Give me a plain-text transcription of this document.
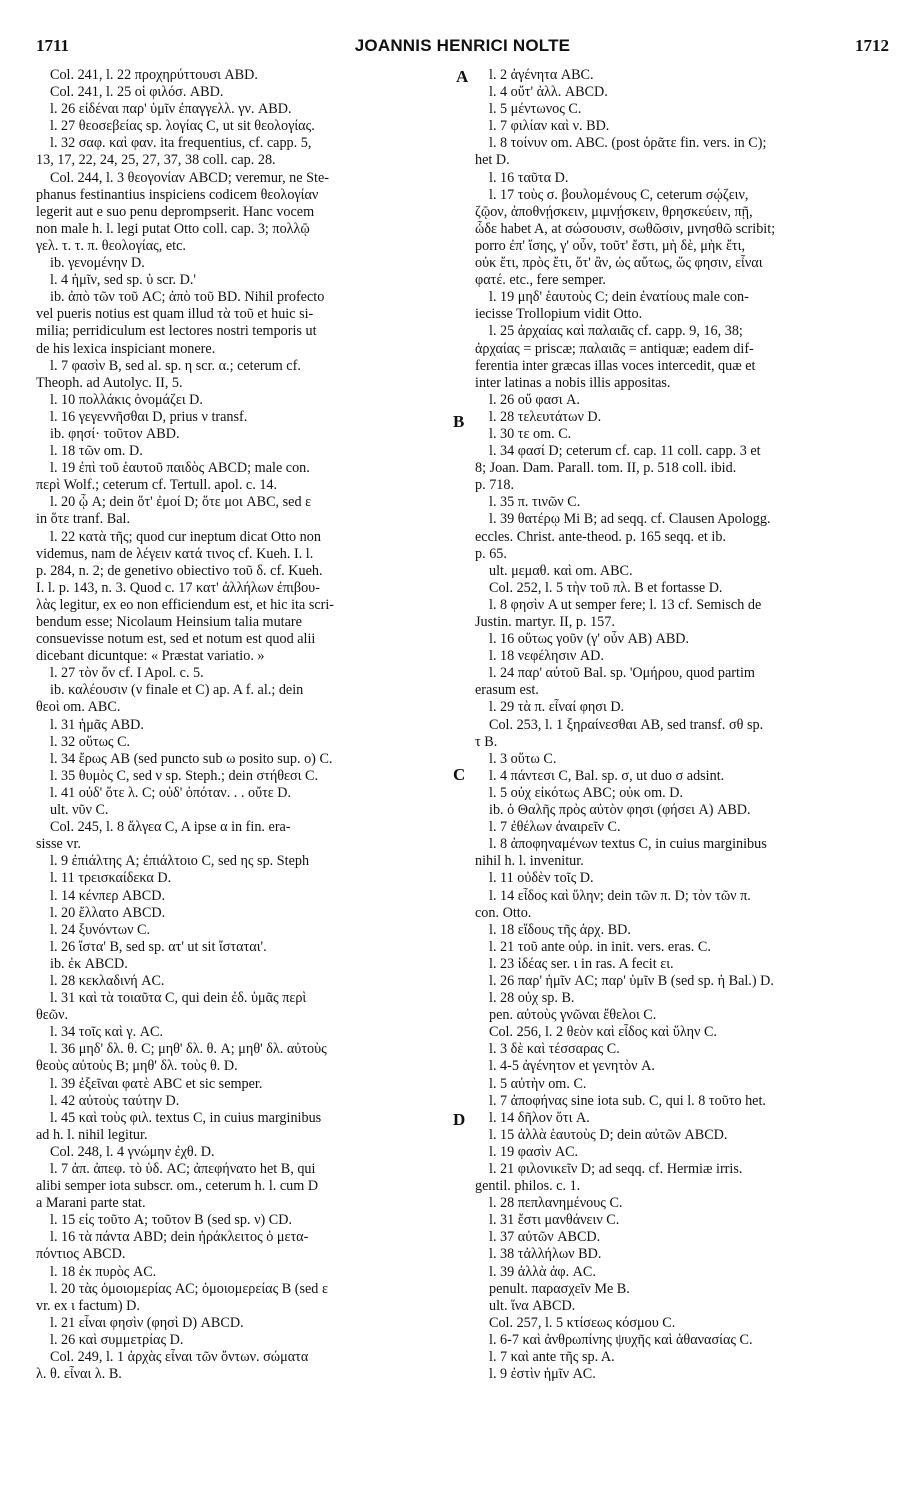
1711	JOANNIS HENRICI NOLTE	1712
Col. 241, l. 22 προχηρύττουσι ABD.
Col. 241, l. 25 οἱ φιλόσ. ABD.
l. 26 εἰδέναι παρ' ὑμῖν ἐπαγγελλ. γν. ABD.
l. 27 θεοσεβείας sp. λογίας C, ut sit θεολογίας.
l. 32 σαφ. καὶ φαν. ita frequentius, cf. capp. 5,
13, 17, 22, 24, 25, 27, 37, 38 coll. cap. 28.
Col. 244, l. 3 θεογονίαν ABCD; veremur, ne Ste-
phanus festinantius inspiciens codicem θεολογίαν
legerit aut e suo penu deprompserit. Hanc vocem
non male h. l. legi putat Otto coll. cap. 3; πολλῷ
γελ. τ. τ. π. θεολογίας, etc.
ib. γενομένην D.
l. 4 ἡμῖν, sed sp. ὑ scr. D.'
ib. ἀπὸ τῶν τοῦ AC; ἀπὸ τοῦ BD. Nihil profecto
vel pueris notius est quam illud τὰ τοῦ et huic si-
milia; perridiculum est lectores nostri temporis ut
de his lexica inspiciant monere.
l. 7 φασὶν B, sed al. sp. η scr. α.; ceterum cf.
Theoph. ad Autolyc. II, 5.
l. 10 πολλάκις ὀνομάζει D.
l. 16 γεγεννῆσθαι D, prius ν transf.
ib. φησί· τοῦτον ABD.
l. 18 τῶν om. D.
l. 19 ἐπὶ τοῦ ἑαυτοῦ παιδὸς ABCD; male con.
περὶ Wolf.; ceterum cf. Tertull. apol. c. 14.
l. 20 ᾧ A; dein ὅτ' ἐμοί D; ὅτε μοι ABC, sed ε
in ὅτε tranf. Bal.
l. 22 κατὰ τῆς; quod cur ineptum dicat Otto non
videmus, nam de λέγειν κατά τινος cf. Kueh. I. l.
p. 284, n. 2; de genetivo obiectivo τοῦ δ. cf. Kueh.
I. l. p. 143, n. 3. Quod c. 17 κατ' ἀλλήλων ἐπιβου-
λὰς legitur, ex eo non efficiendum est, et hic ita scri-
bendum esse; Nicolaum Heinsium talia mutare
consuevisse notum est, sed et notum est quod alii
dicebant dicuntque: « Præstat variatio. »
l. 27 τὸν ὄν cf. I Apol. c. 5.
ib. καλέουσιν (ν finale et C) ap. A f. al.; dein
θεοὶ om. ABC.
l. 31 ἡμᾶς ABD.
l. 32 οὕτως C.
l. 34 ἔρως AB (sed puncto sub ω posito sup. ο) C.
l. 35 θυμὸς C, sed ν sp. Steph.; dein στήθεσι C.
l. 41 οὐδ' ὅτε λ. C; οὐδ' ὁπόταν. . . οὔτε D.
ult. νῦν C.
Col. 245, l. 8 ἄλγεα C, A ipse α in fin. era-
sisse vr.
l. 9 ἐπιάλτης A; ἐπιάλτοιο C, sed ης sp. Steph
l. 11 τρεισκαίδεκα D.
l. 14 κένπερ ABCD.
l. 20 ἔλλατο ABCD.
l. 24 ξυνόντων C.
l. 26 ἴστα' B, sed sp. ατ' ut sit ἴσταται'.
ib. ἐκ ABCD.
l. 28 κεκλαδινή AC.
l. 31 καὶ τὰ τοιαῦτα C, qui dein ἐδ. ὑμᾶς περὶ
θεῶν.
l. 34 τοῖς καὶ γ. AC.
l. 36 μηδ' δλ. θ. C; μηθ' δλ. θ. A; μηθ' δλ. αὐτοὺς
θεοὺς αὐτοὺς B; μηθ' δλ. τοὺς θ. D.
l. 39 ἐξεῖναι φατὲ ABC et sic semper.
l. 42 αὐτοὺς ταύτην D.
l. 45 καὶ τοὺς φιλ. textus C, in cuius marginibus
ad h. l. nihil legitur.
Col. 248, l. 4 γνώμην ἐχθ. D.
l. 7 ἀπ. ἀπεφ. τὸ ὑδ. AC; ἀπεφήνατο het B, qui
alibi semper iota subscr. om., ceterum h. l. cum D
a Marani parte stat.
l. 15 εἰς τοῦτο A; τοῦτον B (sed sp. ν) CD.
l. 16 τὰ πάντα ABD; dein ἡράκλειτος ὁ μετα-
πόντιος ABCD.
l. 18 ἐκ πυρὸς AC.
l. 20 τὰς ὁμοιομερίας AC; ὁμοιομερείας B (sed ε
vr. ex ι factum) D.
l. 21 εἶναι φησὶν (φησὶ D) ABCD.
l. 26 καὶ συμμετρίας D.
Col. 249, l. 1 ἀρχὰς εἶναι τῶν ὄντων. σώματα
λ. θ. εἶναι λ. B.
l. 2 ἀγένητα ABC.
l. 4 οὔτ' ἀλλ. ABCD.
l. 5 μέντωνος C.
l. 7 φιλίαν καὶ ν. BD.
l. 8 τοίνυν om. ABC. (post ὁρᾶτε fin. vers. in C);
het D.
l. 16 ταῦτα D.
l. 17 τοὺς σ. βουλομένους C, ceterum σῴζειν,
ζῷον, ἀποθνῄσκειν, μιμνῄσκειν, θρησκεύειν, πῇ,
ὧδε habet A, at σώσουσιν, σωθῶσιν, μνησθῶ scribit;
porro ἐπ' ἴσης, γ' οὖν, τοῦτ' ἔστι, μὴ δὲ, μὴκ ἔτι,
οὐκ ἔτι, πρὸς ἔτι, ὅτ' ἂν, ὡς αὔτως, ὥς φησιν, εἶναι
φατέ. etc., fere semper.
l. 19 μηδ' ἑαυτοὺς C; dein ἐνατίους male con-
iecisse Trollopium vidit Otto.
l. 25 ἀρχαίας καὶ παλαιᾶς cf. capp. 9, 16, 38;
ἀρχαίας = priscæ; παλαιᾶς = antiquæ; eadem dif-
ferentia inter græcas illas voces intercedit, quæ et
inter latinas a nobis illis appositas.
l. 26 οὔ φασι A.
l. 28 τελευτάτων D.
l. 30 τε om. C.
l. 34 φασί D; ceterum cf. cap. 11 coll. capp. 3 et
8; Joan. Dam. Parall. tom. II, p. 518 coll. ibid.
p. 718.
l. 35 π. τινῶν C.
l. 39 θατέρῳ Mi B; ad seqq. cf. Clausen Apologg.
eccles. Christ. ante-theod. p. 165 seqq. et ib.
p. 65.
ult. μεμαθ. καὶ om. ABC.
Col. 252, l. 5 τὴν τοῦ πλ. B et fortasse D.
l. 8 φησὶν A ut semper fere; l. 13 cf. Semisch de
Justin. martyr. II, p. 157.
l. 16 οὕτως γοῦν (γ' οὖν AB) ABD.
l. 18 νεφέλησιν AD.
l. 24 παρ' αὐτοῦ Bal. sp. 'Ομήρου, quod partim
erasum est.
l. 29 τὰ π. εἶναί φησι D.
Col. 253, l. 1 ξηραίνεσθαι AB, sed transf. σθ sp.
τ B.
l. 3 οὕτω C.
l. 4 πάντεσι C, Bal. sp. σ, ut duo σ adsint.
l. 5 οὐχ εἰκότως ABC; οὐκ om. D.
ib. ὁ Θαλῆς πρὸς αὐτὸν φησι (φήσει A) ABD.
l. 7 ἐθέλων ἀναιρεῖν C.
l. 8 ἀποφηναμένων textus C, in cuius marginibus
nihil h. l. invenitur.
l. 11 οὐδὲν τοῖς D.
l. 14 εἶδος καὶ ὕλην; dein τῶν π. D; τὸν τῶν π.
con. Otto.
l. 18 εἴδους τῆς ἀρχ. BD.
l. 21 τοῦ ante οὐρ. in init. vers. eras. C.
l. 23 ἰδέας ser. ι in ras. A fecit ει.
l. 26 παρ' ἡμῖν AC; παρ' ὑμῖν B (sed sp. ἡ Bal.) D.
l. 28 οὐχ sp. B.
pen. αὐτοὺς γνῶναι ἔθελοι C.
Col. 256, l. 2 θεὸν καὶ εἶδος καὶ ὕλην C.
l. 3 δὲ καὶ τέσσαρας C.
l. 4-5 ἀγένητον et γενητὸν A.
l. 5 αὐτὴν om. C.
l. 7 ἀποφήνας sine iota sub. C, qui l. 8 τοῦτο het.
l. 14 δῆλον ὅτι A.
l. 15 ἀλλὰ ἑαυτοὺς D; dein αὐτῶν ABCD.
l. 19 φασὶν AC.
l. 21 φιλονικεῖν D; ad seqq. cf. Hermiæ irris.
gentil. philos. c. 1.
l. 28 πεπλανημένους C.
l. 31 ἔστι μανθάνειν C.
l. 37 αὐτῶν ABCD.
l. 38 τἀλλήλων BD.
l. 39 ἀλλὰ ἀφ. AC.
penult. παρασχεῖν Me B.
ult. ἵνα ABCD.
Col. 257, l. 5 κτίσεως κόσμου C.
l. 6-7 καὶ ἀνθρωπίνης ψυχῆς καὶ ἀθανασίας C.
l. 7 καὶ ante τῆς sp. A.
l. 9 ἐστὶν ἡμῖν AC.
A
B
C
D
